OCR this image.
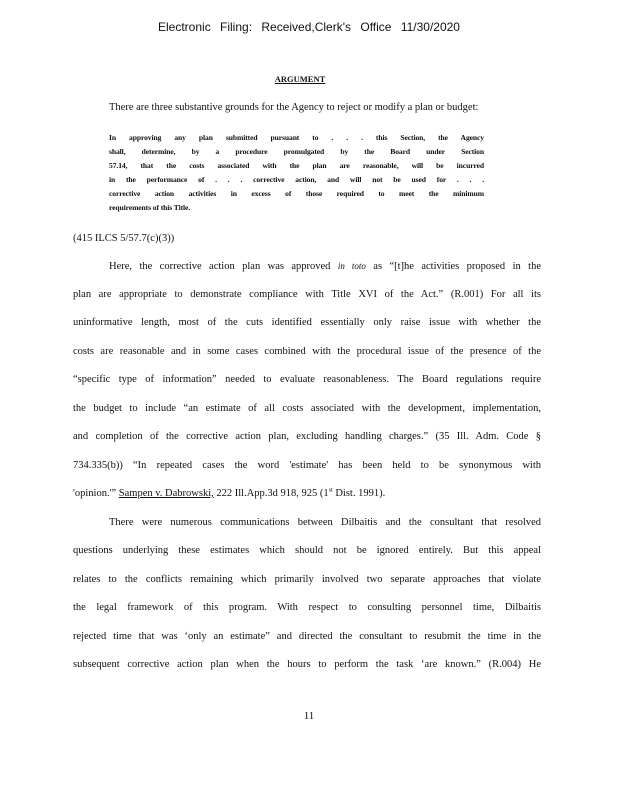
Electronic Filing: Received,Clerk's Office 11/30/2020
ARGUMENT
There are three substantive grounds for the Agency to reject or modify a plan or budget:
In approving any plan submitted pursuant to . . . this Section, the Agency
shall, determine, by a procedure promulgated by the Board under Section
57.14, that the costs associated with the plan are reasonable, will be incurred
in the performance of . . . corrective action, and will not be used for . . .
corrective action activities in excess of those required to meet the minimum
requirements of this Title.
(415 ILCS 5/57.7(c)(3))
Here, the corrective action plan was approved in toto as “[t]he activities proposed in the
plan are appropriate to demonstrate compliance with Title XVI of the Act.” (R.001) For all its
uninformative length, most of the cuts identified essentially only raise issue with whether the
costs are reasonable and in some cases combined with the procedural issue of the presence of the
“specific type of information” needed to evaluate reasonableness. The Board regulations require
the budget to include “an estimate of all costs associated with the development, implementation,
and completion of the corrective action plan, excluding handling charges.” (35 Ill. Adm. Code §
734.335(b)) “In repeated cases the word 'estimate' has been held to be synonymous with
'opinion.'” Sampen v. Dabrowski, 222 Ill.App.3d 918, 925 (1st Dist. 1991).
There were numerous communications between Dilbaitis and the consultant that resolved
questions underlying these estimates which should not be ignored entirely. But this appeal
relates to the conflicts remaining which primarily involved two separate approaches that violate
the legal framework of this program. With respect to consulting personnel time, Dilbaitis
rejected time that was ‘only an estimate” and directed the consultant to resubmit the time in the
subsequent corrective action plan when the hours to perform the task ‘are known.” (R.004) He
11
